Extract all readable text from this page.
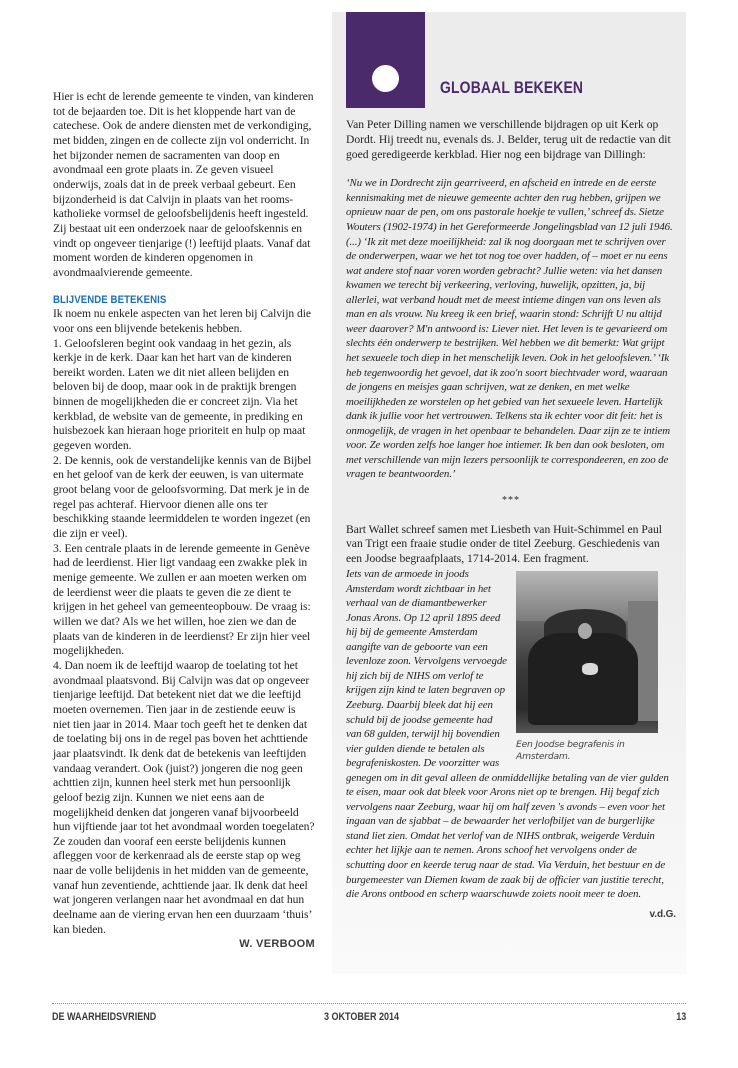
Hier is echt de lerende gemeente te vinden, van kinderen tot de bejaarden toe. Dit is het kloppende hart van de catechese. Ook de andere diensten met de verkondiging, met bidden, zingen en de collecte zijn vol onderricht. In het bijzonder nemen de sacramenten van doop en avondmaal een grote plaats in. Ze geven visueel onderwijs, zoals dat in de preek verbaal gebeurt. Een bijzonderheid is dat Calvijn in plaats van het rooms-katholieke vormsel de geloofsbelijdenis heeft ingesteld. Zij bestaat uit een onderzoek naar de geloofskennis en vindt op ongeveer tienjarige (!) leeftijd plaats. Vanaf dat moment worden de kinderen opgenomen in avondmaalvierende gemeente.

BLIJVENDE BETEKENIS

Ik noem nu enkele aspecten van het leren bij Calvijn die voor ons een blijvende betekenis hebben.

1. Geloofsleren begint ook vandaag in het gezin, als kerkje in de kerk. Daar kan het hart van de kinderen bereikt worden. Laten we dit niet alleen belijden en beloven bij de doop, maar ook in de praktijk brengen binnen de mogelijkheden die er concreet zijn. Via het kerkblad, de website van de gemeente, in prediking en huisbezoek kan hieraan hoge prioriteit en hulp op maat gegeven worden.

2. De kennis, ook de verstandelijke kennis van de Bijbel en het geloof van de kerk der eeuwen, is van uitermate groot belang voor de geloofsvorming. Dat merk je in de regel pas achteraf. Hiervoor dienen alle ons ter beschikking staande leermiddelen te worden ingezet (en die zijn er veel).

3. Een centrale plaats in de lerende gemeente in Genève had de leerdienst. Hier ligt vandaag een zwakke plek in menige gemeente. We zullen er aan moeten werken om de leerdienst weer die plaats te geven die ze dient te krijgen in het geheel van gemeenteopbouw. De vraag is: willen we dat? Als we het willen, hoe zien we dan de plaats van de kinderen in de leerdienst? Er zijn hier veel mogelijkheden.

4. Dan noem ik de leeftijd waarop de toelating tot het avondmaal plaatsvond. Bij Calvijn was dat op ongeveer tienjarige leeftijd. Dat betekent niet dat we die leeftijd moeten overnemen. Tien jaar in de zestiende eeuw is niet tien jaar in 2014. Maar toch geeft het te denken dat de toelating bij ons in de regel pas boven het achttiende jaar plaatsvindt. Ik denk dat de betekenis van leeftijden vandaag verandert. Ook (juist?) jongeren die nog geen achttien zijn, kunnen heel sterk met hun persoonlijk geloof bezig zijn. Kunnen we niet eens aan de mogelijkheid denken dat jongeren vanaf bijvoorbeeld hun vijftiende jaar tot het avondmaal worden toegelaten? Ze zouden dan vooraf een eerste belijdenis kunnen afleggen voor de kerkenraad als de eerste stap op weg naar de volle belijdenis in het midden van de gemeente, vanaf hun zeventiende, achttiende jaar. Ik denk dat heel wat jongeren verlangen naar het avondmaal en dat hun deelname aan de viering ervan hen een duurzaam ‘thuis’ kan bieden.

W. VERBOOM
GLOBAAL BEKEKEN

Van Peter Dilling namen we verschillende bijdragen op uit Kerk op Dordt. Hij treedt nu, evenals ds. J. Belder, terug uit de redactie van dit goed geredigeerde kerkblad. Hier nog een bijdrage van Dillingh:

‘Nu we in Dordrecht zijn gearriveerd, en afscheid en intrede en de eerste kennismaking met de nieuwe gemeente achter den rug hebben, grijpen we opnieuw naar de pen, om ons pastorale hoekje te vullen,’ schreef ds. Sietze Wouters (1902-1974) in het Gereformeerde Jongelingsblad van 12 juli 1946. (...) ‘Ik zit met deze moeilijkheid: zal ik nog doorgaan met te schrijven over de onderwerpen, waar we het tot nog toe over hadden, of – moet er nu eens wat andere stof naar voren worden gebracht? Jullie weten: via het dansen kwamen we terecht bij verkeering, verloving, huwelijk, opzitten, ja, bij allerlei, wat verband houdt met de meest intieme dingen van ons leven als man en als vrouw. Nu kreeg ik een brief, waarin stond: Schrijft U nu altijd weer daarover? M'n antwoord is: Liever niet. Het leven is te gevarieerd om slechts één onderwerp te bestrijken. Wel hebben we dit bemerkt: Wat grijpt het sexueele toch diep in het menschelijk leven. Ook in het geloofsleven.’ ‘Ik heb tegenwoordig het gevoel, dat ik zoo'n soort biechtvader word, waaraan de jongens en meisjes gaan schrijven, wat ze denken, en met welke moeilijkheden ze worstelen op het gebied van het sexueele leven. Hartelijk dank ik jullie voor het vertrouwen. Telkens sta ik echter voor dit feit: het is onmogelijk, de vragen in het openbaar te behandelen. Daar zijn ze te intiem voor. Ze worden zelfs hoe langer hoe intiemer. Ik ben dan ook besloten, om met verschillende van mijn lezers persoonlijk te correspondeeren, en zoo de vragen te beantwoorden.’

***

Bart Wallet schreef samen met Liesbeth van Huit-Schimmel en Paul van Trigt een fraaie studie onder de titel Zeeburg. Geschiedenis van een Joodse begraafplaats, 1714-2014. Een fragment.

Een Joodse begrafenis in Amsterdam.
Iets van de armoede in joods Amsterdam wordt zichtbaar in het verhaal van de diamantbewerker Jonas Arons. Op 12 april 1895 deed hij bij de gemeente Amsterdam aangifte van de geboorte van een levenloze zoon. Vervolgens vervoegde hij zich bij de NIHS om verlof te krijgen zijn kind te laten begraven op Zeeburg. Daarbij bleek dat hij een schuld bij de joodse gemeente had van 68 gulden, terwijl hij bovendien vier gulden diende te betalen als begrafeniskosten. De voorzitter was genegen om in dit geval alleen de onmiddellijke betaling van de vier gulden te eisen, maar ook dat bleek voor Arons niet op te brengen. Hij begaf zich vervolgens naar Zeeburg, waar hij om half zeven 's avonds – even voor het ingaan van de sjabbat – de bewaarder het verlofbiljet van de burgerlijke stand liet zien. Omdat het verlof van de NIHS ontbrak, weigerde Verduin echter het lijkje aan te nemen. Arons schoof het vervolgens onder de schutting door en keerde terug naar de stad. Via Verduin, het bestuur en de burgemeester van Diemen kwam de zaak bij de officier van justitie terecht, die Arons ontbood en scherp waarschuwde zoiets nooit meer te doen.
v.d.G.
DE WAARHEIDSVRIEND	3 OKTOBER 2014	13
